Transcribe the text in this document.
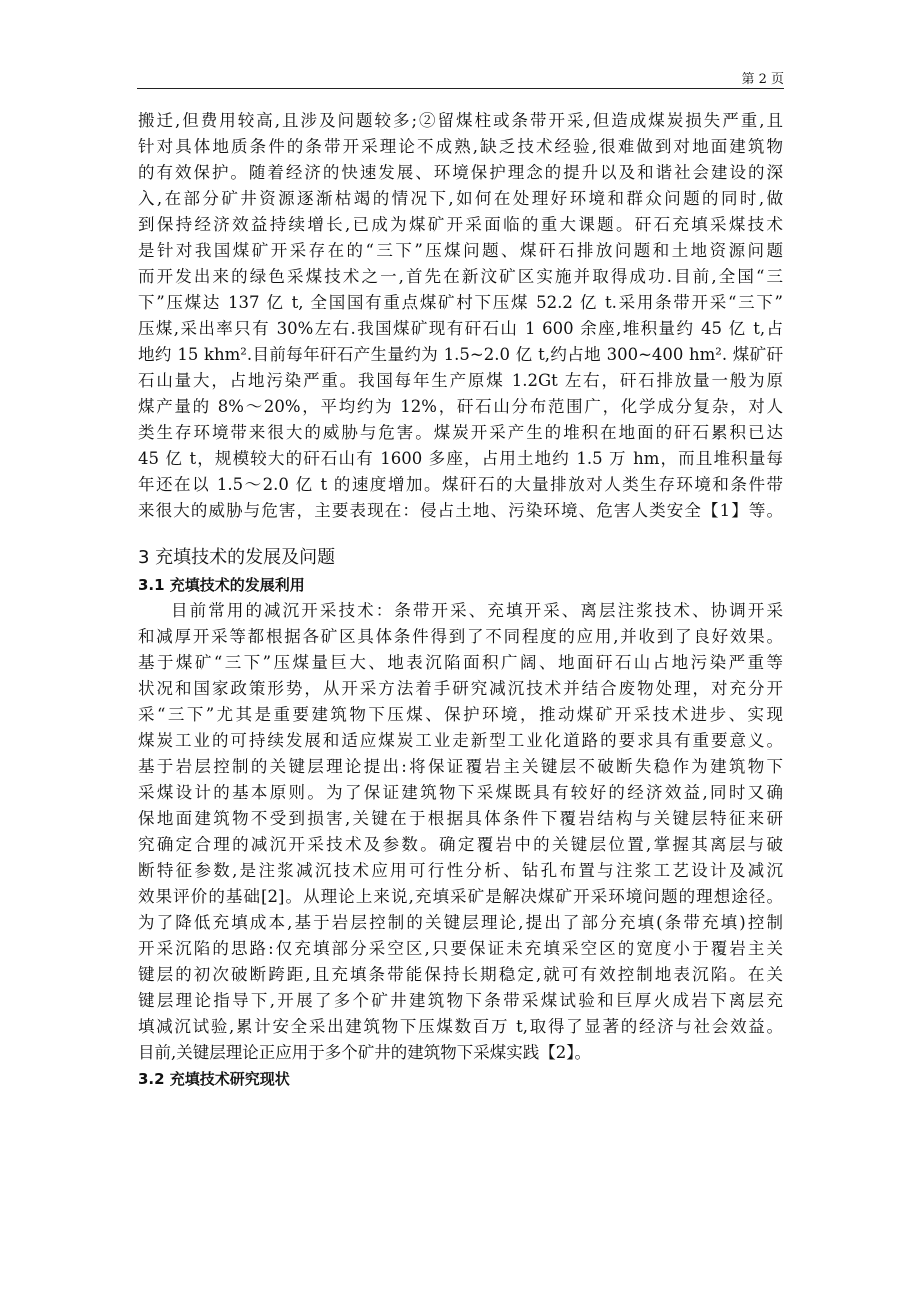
第 2 页
搬迁,但费用较高,且涉及问题较多;②留煤柱或条带开采,但造成煤炭损失严重,且
针对具体地质条件的条带开采理论不成熟,缺乏技术经验,很难做到对地面建筑物
的有效保护。随着经济的快速发展、环境保护理念的提升以及和谐社会建设的深
入,在部分矿井资源逐渐枯竭的情况下,如何在处理好环境和群众问题的同时,做
到保持经济效益持续增长,已成为煤矿开采面临的重大课题。矸石充填采煤技术
是针对我国煤矿开采存在的“三下”压煤问题、煤矸石排放问题和土地资源问题
而开发出来的绿色采煤技术之一,首先在新汶矿区实施并取得成功.目前,全国“三
下”压煤达 137 亿 t, 全国国有重点煤矿村下压煤 52.2 亿 t.采用条带开采“三下”
压煤,采出率只有 30%左右.我国煤矿现有矸石山 1 600 余座,堆积量约 45 亿 t,占
地约 15 khm².目前每年矸石产生量约为 1.5~2.0 亿 t,约占地 300~400 hm². 煤矿矸
石山量大，占地污染严重。我国每年生产原煤 1.2Gt 左右，矸石排放量一般为原
煤产量的 8%～20%，平均约为 12%，矸石山分布范围广，化学成分复杂，对人
类生存环境带来很大的威胁与危害。煤炭开采产生的堆积在地面的矸石累积已达
45 亿 t，规模较大的矸石山有 1600 多座，占用土地约 1.5 万 hm，而且堆积量每
年还在以 1.5～2.0 亿 t 的速度增加。煤矸石的大量排放对人类生存环境和条件带
来很大的威胁与危害，主要表现在：侵占土地、污染环境、危害人类安全【1】等。
3 充填技术的发展及问题
3.1 充填技术的发展利用
目前常用的减沉开采技术：条带开采、充填开采、离层注浆技术、协调开采
和减厚开采等都根据各矿区具体条件得到了不同程度的应用,并收到了良好效果。
基于煤矿“三下”压煤量巨大、地表沉陷面积广阔、地面矸石山占地污染严重等
状况和国家政策形势，从开采方法着手研究减沉技术并结合废物处理，对充分开
采“三下”尤其是重要建筑物下压煤、保护环境，推动煤矿开采技术进步、实现
煤炭工业的可持续发展和适应煤炭工业走新型工业化道路的要求具有重要意义。
基于岩层控制的关键层理论提出:将保证覆岩主关键层不破断失稳作为建筑物下
采煤设计的基本原则。为了保证建筑物下采煤既具有较好的经济效益,同时又确
保地面建筑物不受到损害,关键在于根据具体条件下覆岩结构与关键层特征来研
究确定合理的减沉开采技术及参数。确定覆岩中的关键层位置,掌握其离层与破
断特征参数,是注浆减沉技术应用可行性分析、钻孔布置与注浆工艺设计及减沉
效果评价的基础[2]。从理论上来说,充填采矿是解决煤矿开采环境问题的理想途径。
为了降低充填成本,基于岩层控制的关键层理论,提出了部分充填(条带充填)控制
开采沉陷的思路:仅充填部分采空区,只要保证未充填采空区的宽度小于覆岩主关
键层的初次破断跨距,且充填条带能保持长期稳定,就可有效控制地表沉陷。在关
键层理论指导下,开展了多个矿井建筑物下条带采煤试验和巨厚火成岩下离层充
填减沉试验,累计安全采出建筑物下压煤数百万 t,取得了显著的经济与社会效益。
目前,关键层理论正应用于多个矿井的建筑物下采煤实践【2】。
3.2 充填技术研究现状
